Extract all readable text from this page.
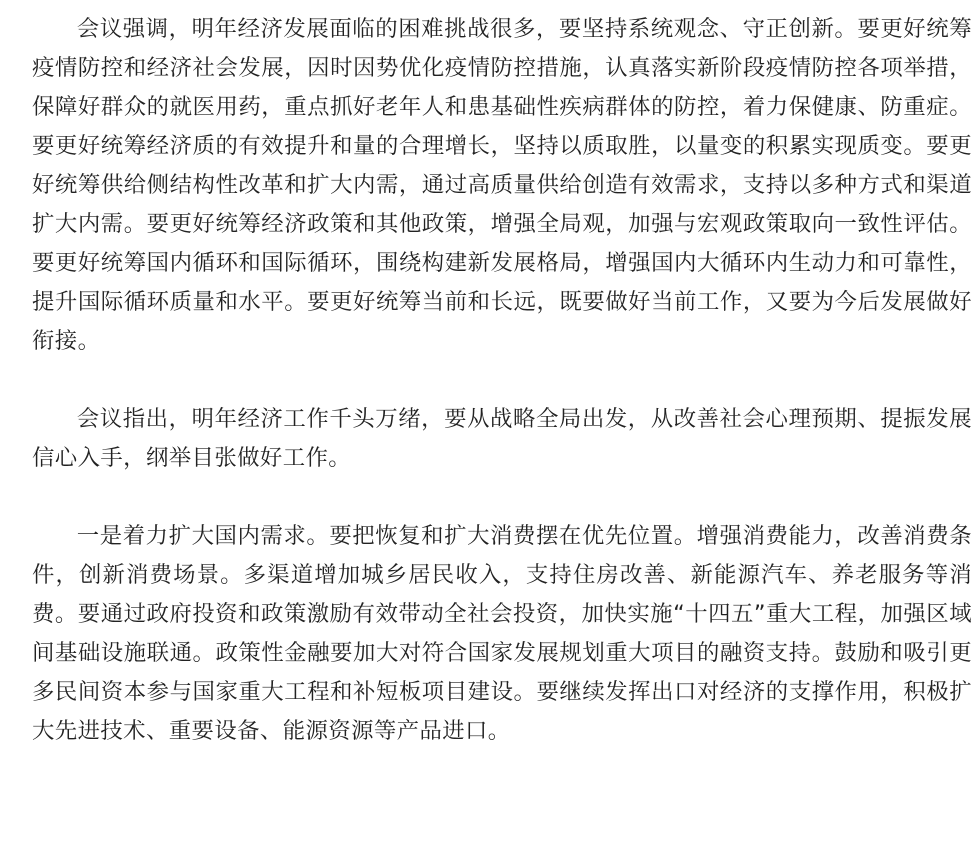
会议强调，明年经济发展面临的困难挑战很多，要坚持系统观念、守正创新。要更好统筹疫情防控和经济社会发展，因时因势优化疫情防控措施，认真落实新阶段疫情防控各项举措，保障好群众的就医用药，重点抓好老年人和患基础性疾病群体的防控，着力保健康、防重症。要更好统筹经济质的有效提升和量的合理增长，坚持以质取胜，以量变的积累实现质变。要更好统筹供给侧结构性改革和扩大内需，通过高质量供给创造有效需求，支持以多种方式和渠道扩大内需。要更好统筹经济政策和其他政策，增强全局观，加强与宏观政策取向一致性评估。要更好统筹国内循环和国际循环，围绕构建新发展格局，增强国内大循环内生动力和可靠性，提升国际循环质量和水平。要更好统筹当前和长远，既要做好当前工作，又要为今后发展做好衔接。

会议指出，明年经济工作千头万绪，要从战略全局出发，从改善社会心理预期、提振发展信心入手，纲举目张做好工作。

一是着力扩大国内需求。要把恢复和扩大消费摆在优先位置。增强消费能力，改善消费条件，创新消费场景。多渠道增加城乡居民收入，支持住房改善、新能源汽车、养老服务等消费。要通过政府投资和政策激励有效带动全社会投资，加快实施“十四五”重大工程，加强区域间基础设施联通。政策性金融要加大对符合国家发展规划重大项目的融资支持。鼓励和吸引更多民间资本参与国家重大工程和补短板项目建设。要继续发挥出口对经济的支撑作用，积极扩大先进技术、重要设备、能源资源等产品进口。
